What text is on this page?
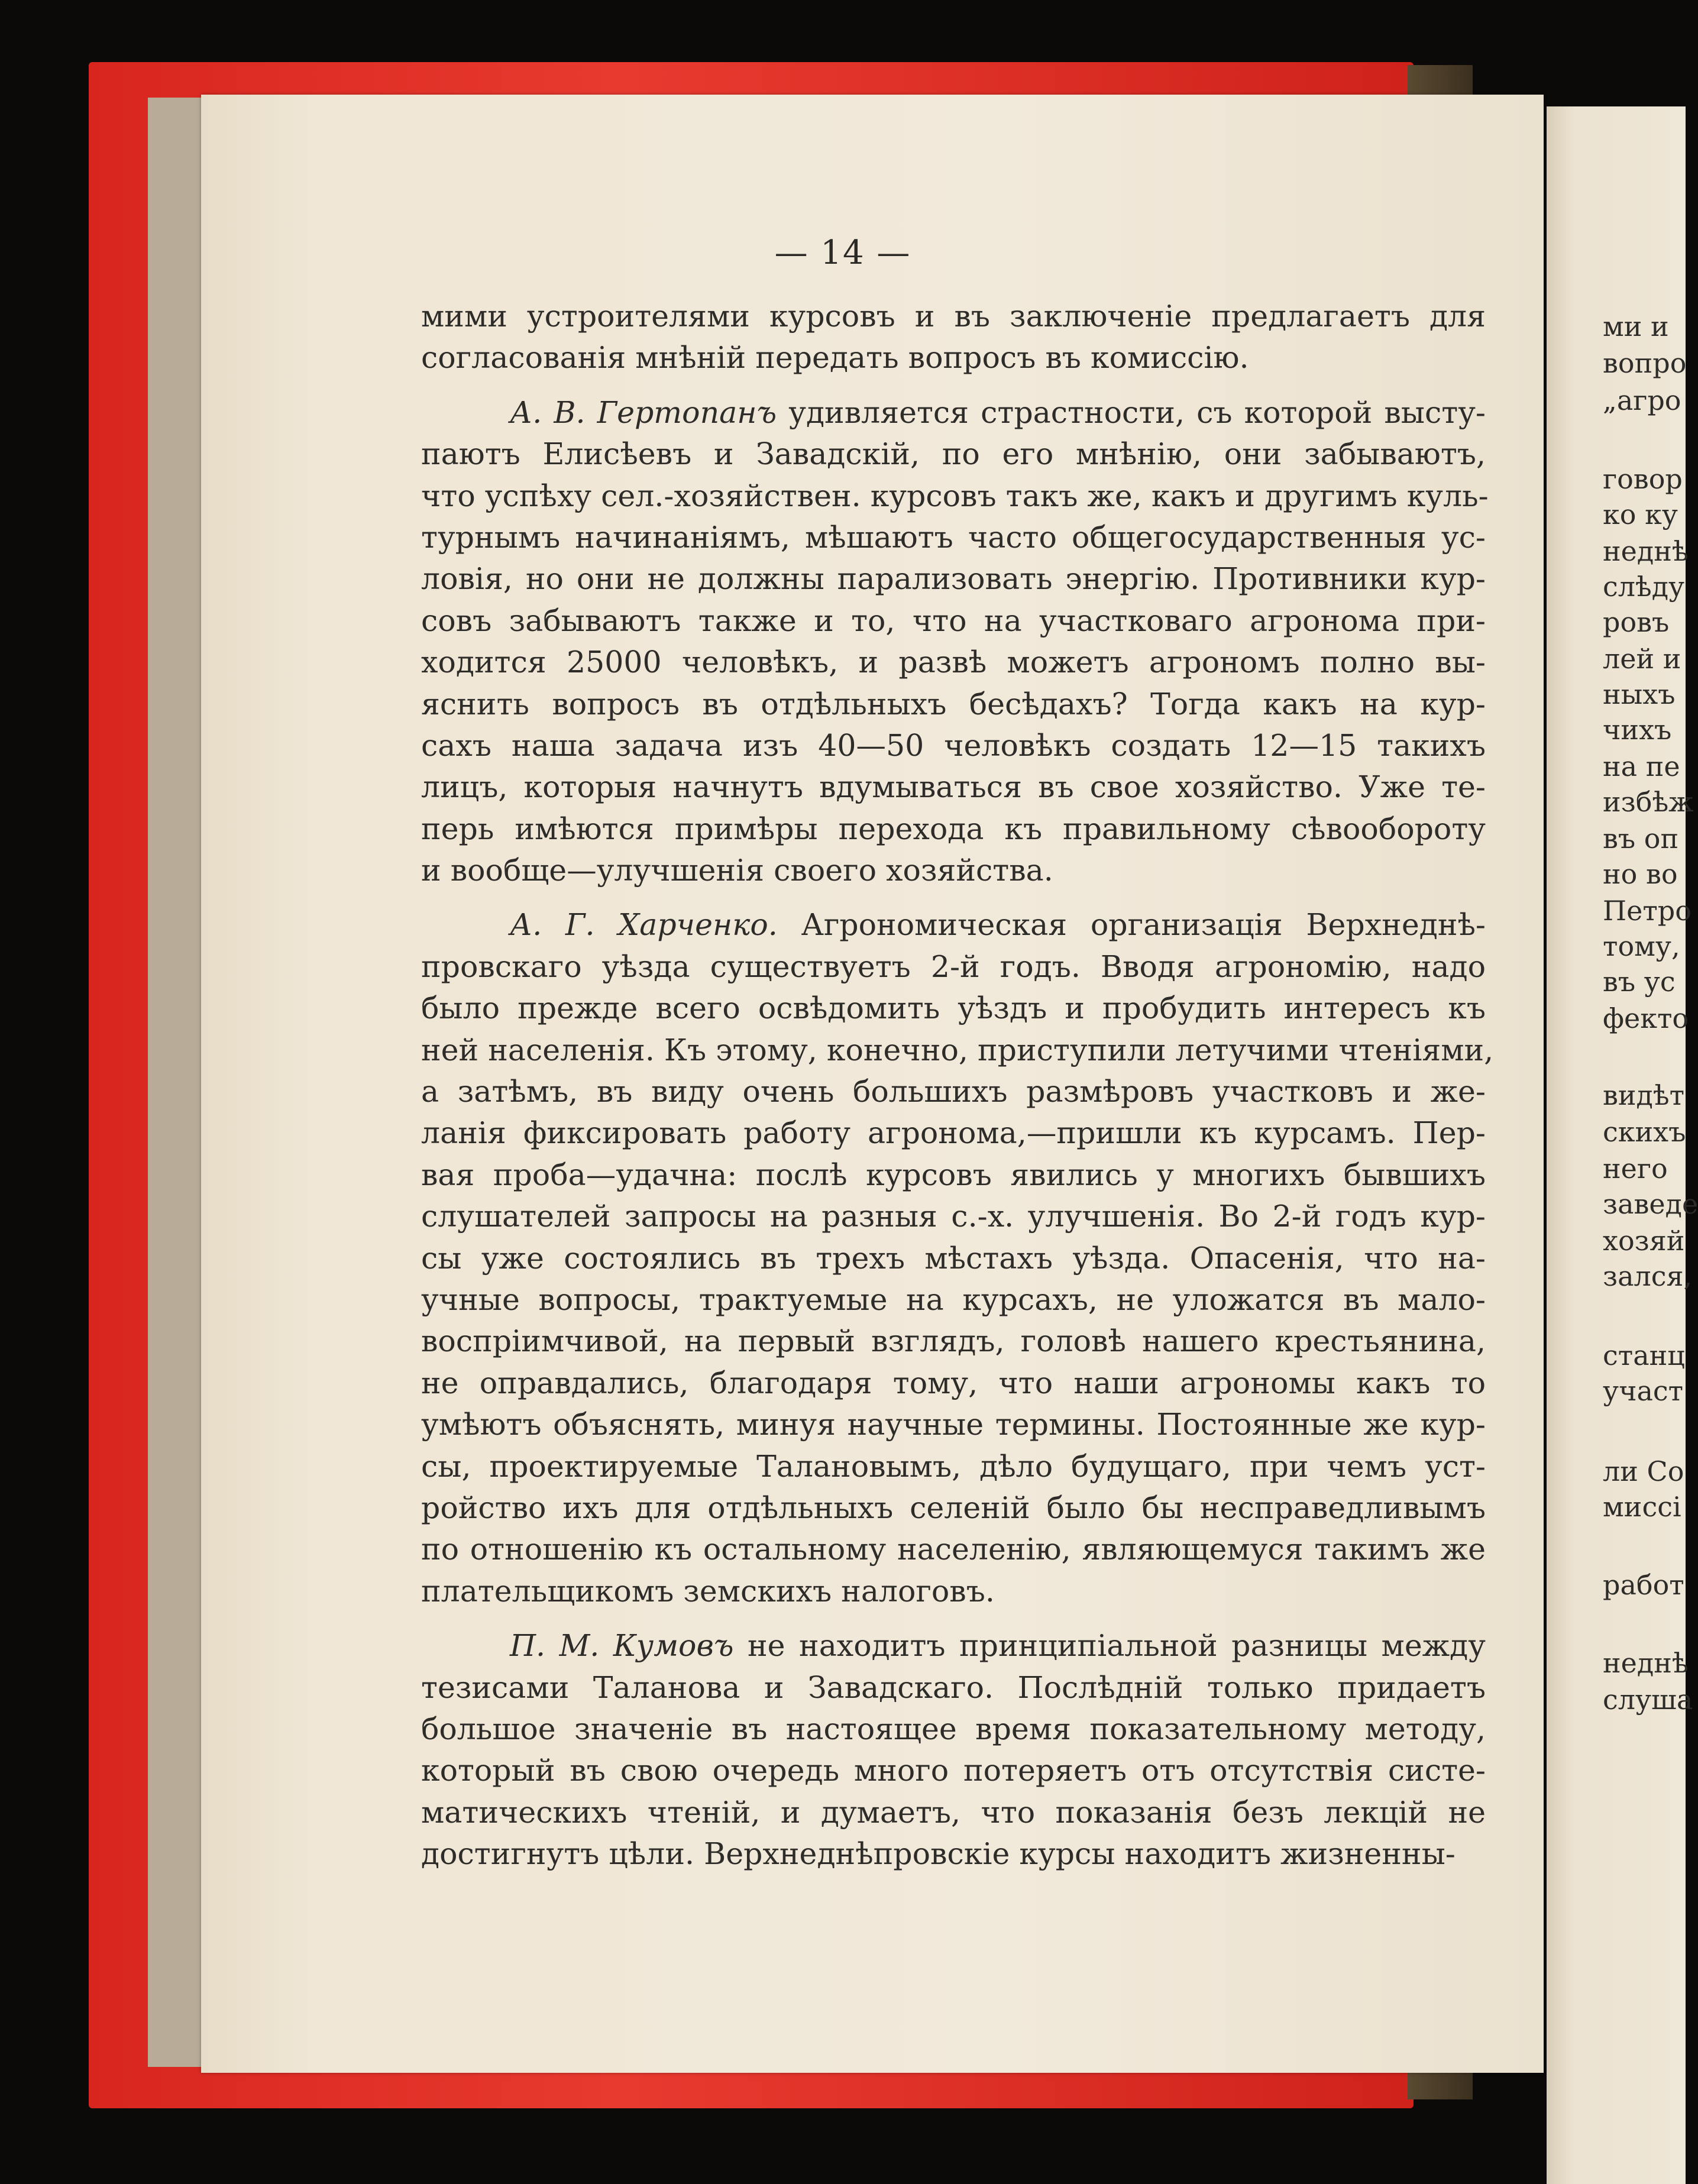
— 14 —
мими устроителями курсовъ и въ заключеніе предлагаетъ для
согласованія мнѣній передать вопросъ въ комиссію.
А. В. Гертопанъ удивляется страстности, съ которой высту-
паютъ Елисѣевъ и Завадскій, по его мнѣнію, они забываютъ,
что успѣху сел.-хозяйствен. курсовъ такъ же, какъ и другимъ куль-
турнымъ начинаніямъ, мѣшаютъ часто общегосударственныя ус-
ловія, но они не должны парализовать энергію. Противники кур-
совъ забываютъ также и то, что на участковаго агронома при-
ходится 25000 человѣкъ, и развѣ можетъ агрономъ полно вы-
яснить вопросъ въ отдѣльныхъ бесѣдахъ? Тогда какъ на кур-
сахъ наша задача изъ 40—50 человѣкъ создать 12—15 такихъ
лицъ, которыя начнутъ вдумываться въ свое хозяйство. Уже те-
перь имѣются примѣры перехода къ правильному сѣвообороту
и вообще—улучшенія своего хозяйства.
А. Г. Харченко. Агрономическая организація Верхнеднѣ-
провскаго уѣзда существуетъ 2-й годъ. Вводя агрономію, надо
было прежде всего освѣдомить уѣздъ и пробудить интересъ къ
ней населенія. Къ этому, конечно, приступили летучими чтеніями,
а затѣмъ, въ виду очень большихъ размѣровъ участковъ и же-
ланія фиксировать работу агронома,—пришли къ курсамъ. Пер-
вая проба—удачна: послѣ курсовъ явились у многихъ бывшихъ
слушателей запросы на разныя с.-х. улучшенія. Во 2-й годъ кур-
сы уже состоялись въ трехъ мѣстахъ уѣзда. Опасенія, что на-
учные вопросы, трактуемые на курсахъ, не уложатся въ мало-
воспріимчивой, на первый взглядъ, головѣ нашего крестьянина,
не оправдались, благодаря тому, что наши агрономы какъ то
умѣютъ объяснять, минуя научные термины. Постоянные же кур-
сы, проектируемые Талановымъ, дѣло будущаго, при чемъ уст-
ройство ихъ для отдѣльныхъ селеній было бы несправедливымъ
по отношенію къ остальному населенію, являющемуся такимъ же
плательщикомъ земскихъ налоговъ.
П. М. Кумовъ не находитъ принципіальной разницы между
тезисами Таланова и Завадскаго. Послѣдній только придаетъ
большое значеніе въ настоящее время показательному методу,
который въ свою очередь много потеряетъ отъ отсутствія систе-
матическихъ чтеній, и думаетъ, что показанія безъ лекцій не
достигнутъ цѣли. Верхнеднѣпровскіе курсы находитъ жизненны-
ми и
вопро
„агро
говор
ко ку
неднѣ
слѣду
ровъ
лей и
ныхъ
чихъ
на пе
избѣж
въ оп
но во
Петро
тому,
въ ус
фекто
видѣт
скихъ
него
заведе
хозяй
зался,
станц
участ
ли Со
миссі
работ
неднѣ
слуша
